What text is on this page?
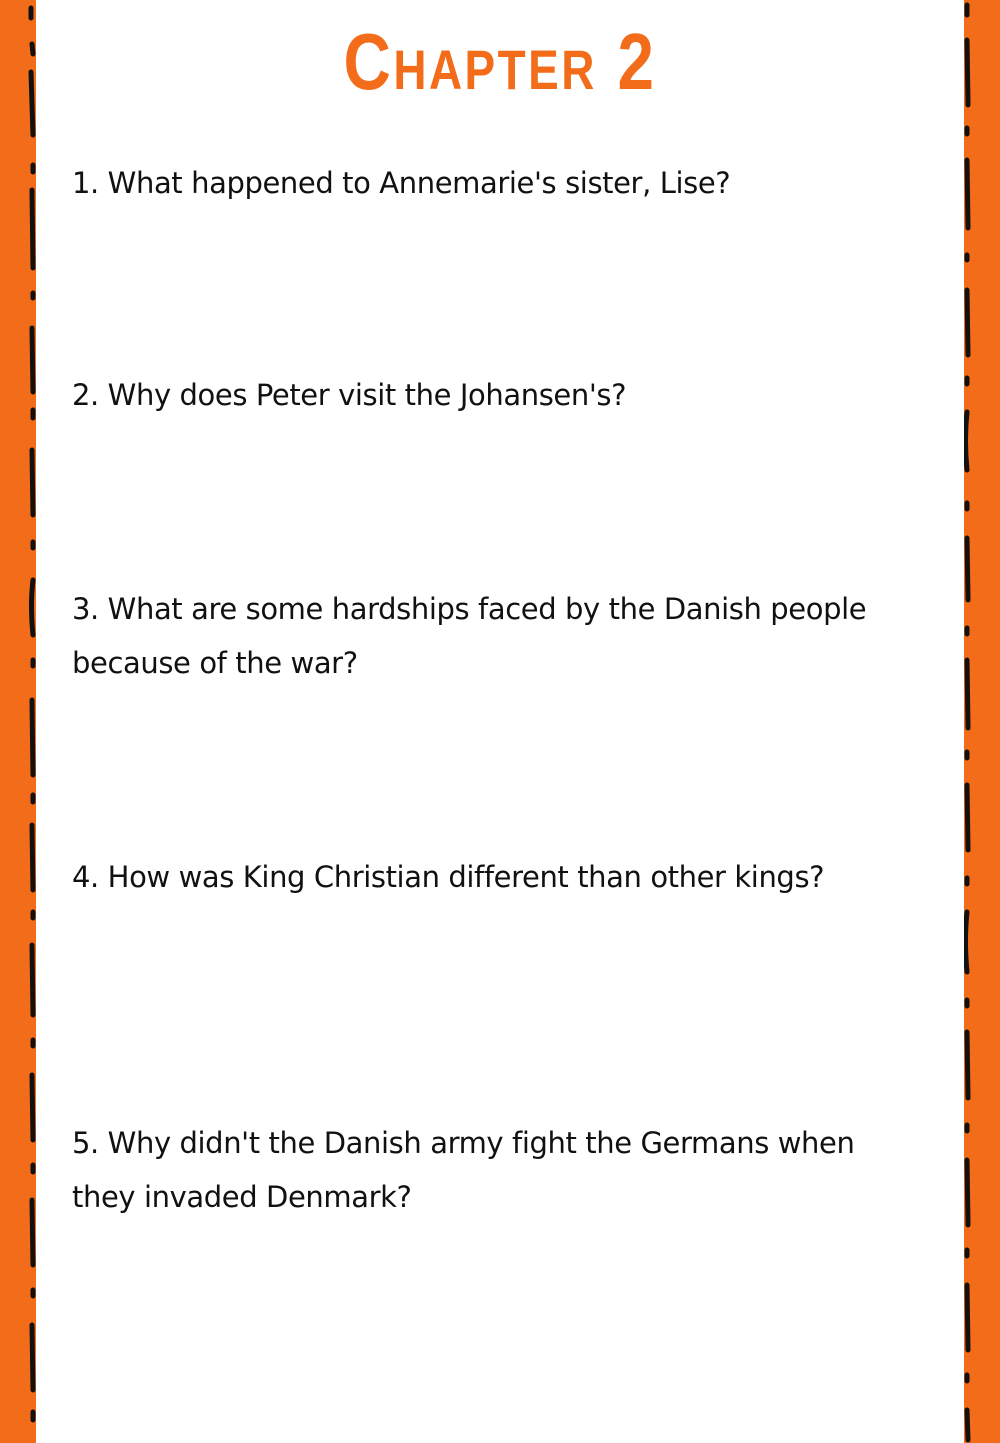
Chapter 2
1. What happened to Annemarie's sister, Lise?
2. Why does Peter visit the Johansen's?
3. What are some hardships faced by the Danish people because of the war?
4. How was King Christian different than other kings?
5. Why didn't the Danish army fight the Germans when they invaded Denmark?
